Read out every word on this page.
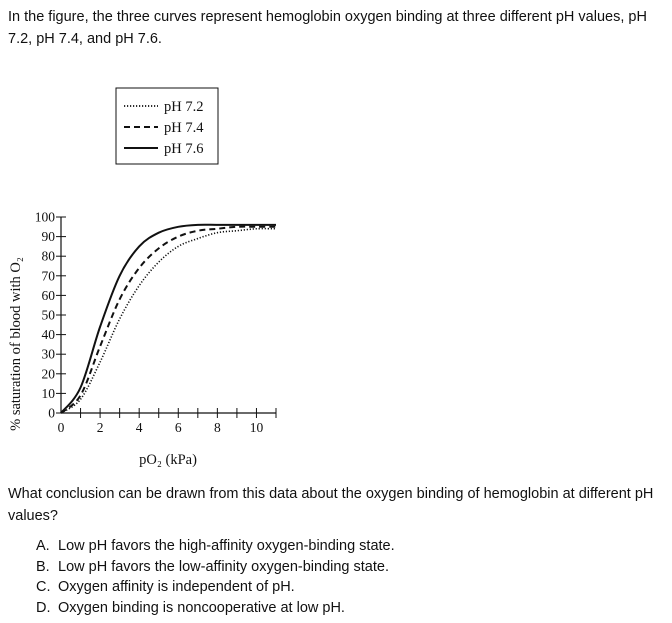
In the figure, the three curves represent hemoglobin oxygen binding at three different pH values, pH 7.2, pH 7.4, and pH 7.6.
pH 7.2
pH 7.4
pH 7.6
0
10
20
30
40
50
60
70
80
90
100
0 2 4 6 8 10
% saturation of blood with O₂
pO₂ (kPa)
What conclusion can be drawn from this data about the oxygen binding of hemoglobin at different pH values?
A. Low pH favors the high-affinity oxygen-binding state.
B. Low pH favors the low-affinity oxygen-binding state.
C. Oxygen affinity is independent of pH.
D. Oxygen binding is noncooperative at low pH.
